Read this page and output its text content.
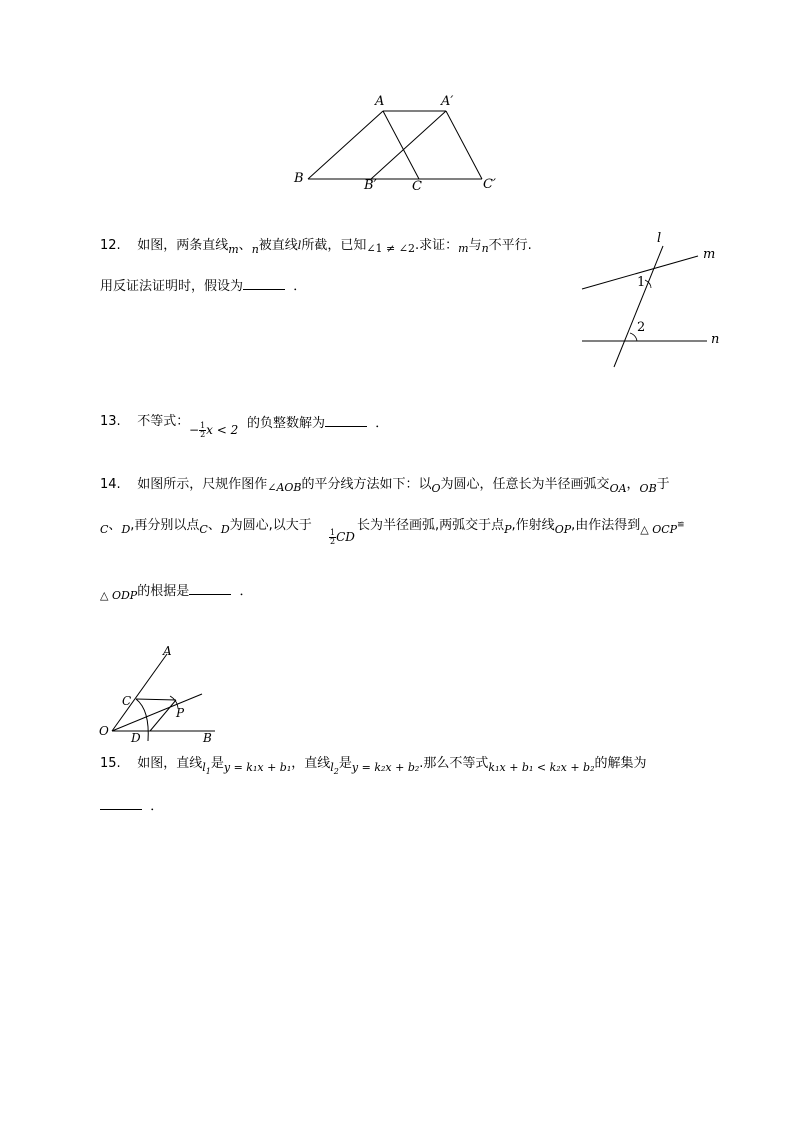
A	A′
B	B′	C	C′
12. 如图，两条直线$_m$、$_n$被直线l所截，已知$_{\angle 1 \ne \angle 2}$.求证：$_m$与$_n$不平行.
用反证法证明时，假设为	．
l
m
n
1
2
13. 不等式：
− $\frac{1}{2}$ x < 2 的负整数解为	．
14. 如图所示，尺规作图作$_{\angle AOB}$的平分线方法如下：以$_O$为圆心，任意长为半径画弧交$_{OA}$，$_{OB}$于
$_C$、$_D$,再分别以点$_C$、$_D$为圆心,以大于
$\frac{1}{2}$ CD
长为半径画弧,两弧交于点$_P$,作射线$_{OP}$,由作法得到$_{\triangle OCP}$≌
$_{\triangle ODP}$的根据是	．
A
B
C
D
O
P
15. 如图，直线$_{l_1}$是$_{y = k_1x + b_1}$，直线$_{l_2}$是$_{y = k_2x + b_2}$.那么不等式$_{k_1x + b_1 < k_2x + b_2}$的解集为
．
